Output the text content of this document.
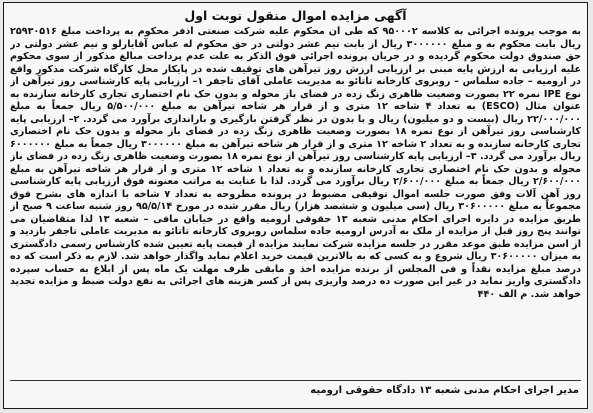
آگهی مزایده اموال منقول نوبت اول

به موجب پرونده اجرائی به کلاسه ۹۵۰۰۰۲ که طی آن محکوم علیه شرکت صنعتی آذفر محکوم به پرداخت مبلغ ۲۵۹۳۰۵۱۶ ریال بابت محکوم به و مبلغ ۳۰۰۰۰۰۰ ریال از بابت نیم عشر دولتی در حق محکوم له عباس آقایارلو و نیم عشر دولتی در حق صندوق دولت محکوم گردیده و در جریان پرونده اجرائی فوق الذکر به علت عدم پرداخت مبالغ مذکور از سوی محکوم علیه ارزیابی به ارزش پایه مبنی بر ارزیابی ارزش روز تیرآهن های توقیف شده در پایکار محل کارگاه شرکت مذکور واقع در ارومیه – جاده سلماس – روبروی کارخانه تاتائو به مدیریت عاملی آقای تاجفر ۱– ارزیابی پایه کارشناسی روز تیرآهن از نوع IPE نمره ۲۲ بصورت وضعیت ظاهری زنگ زده در فضای باز محوله و بدون حک نام اختصاری تجاری کارخانه سازنده به عنوان مثال (ESCO) به تعداد ۴ شاخه ۱۲ متری و از قرار هر شاخه تیرآهن به مبلغ ۵/۵۰۰/۰۰۰ ریال جمعاً به مبلغ ۲۲/۰۰۰/۰۰۰ ریال (بیست و دو میلیون) ریال و با بدون در نظر گرفتن بارگیری و باراندازی برآورد می گردد. ۲– ارزیابی پایه کارشناسی روز تیرآهن از نوع نمره ۱۸ بصورت وضعیت ظاهری زنگ زده در فضای باز محوله و بدون حک نام اختصاری تجاری کارخانه سازنده و به تعداد ۲ شاخه ۱۲ متری و از قرار هر شاخه تیرآهن به مبلغ ۳۰۰۰۰۰۰ ریال جمعاً به مبلغ ۶۰۰۰۰۰۰ ریال برآورد می گردد. ۳– ارزیابی پایه کارشناسی روز تیرآهن از نوع نمره ۱۸ بصورت وضعیت ظاهری زنگ زده در فضای باز محوله و بدون حک نام اختصاری تجاری کارخانه سازنده و به تعداد ۱ شاخه ۱۲ متری و از قرار هر شاخه تیرآهن به مبلغ ۲/۶۰۰/۰۰۰ ریال جمعاً به مبلغ ۲/۶۰۰/۰۰۰ ریال برآورد می گردد. لذا با عنایت به مراتب معنونه فوق ارزیابی پایه کارشناسی روز آهن آلات وفق صورت جلسه اموال توقیفی مضبوط در پرونده مطروحه به تعداد ۷ شاخه با اندازه های بشرح فوق مجموعاً به مبلغ ۳۰۶۰۰۰۰۰ ریال (سی میلیون و ششصد هزار) ریال مقرر شده در مورخ ۹۵/۵/۱۴ روز شنبه ساعت ۹ صبح از طریق مزایده در دایره اجرای احکام مدنی شعبه ۱۳ حقوقی ارومیه واقع در خیابان مافی – شعبه ۱۳ لذا متقاضیان می توانند پنج روز قبل از مزایده از ملک به آدرس ارومیه جاده سلماس روبروی کارخانه تاتائو به مدیریت عاملی تاجفر بازدید و از اسن مزایده طبق موعد مقرر در جلسه مزایده شرکت نمایند مزایده از قیمت پایه تعیین شده کارشناس رسمی دادگستری به میزان ۳۰۶۰۰۰۰۰ ریال شروع و به کسی که به بالاترین قیمت خرید اعلام نماید واگذار خواهد شد. لازم به ذکر است که ده درصد مبلغ مزایده نقداً و فی المجلس از برنده مزایده اخذ و مابقی ظرف مهلت یک ماه پس از ابلاغ به حساب سپرده دادگستری واریز نماید در غیر این صورت ده درصد واریزی پس از کسر هزینه های اجرائی به نفع دولت ضبط و مزایده تجدید خواهد شد. م الف ۴۴۰

مدیر اجرای احکام مدنی شعبه ۱۳ دادگاه حقوقی ارومیه
